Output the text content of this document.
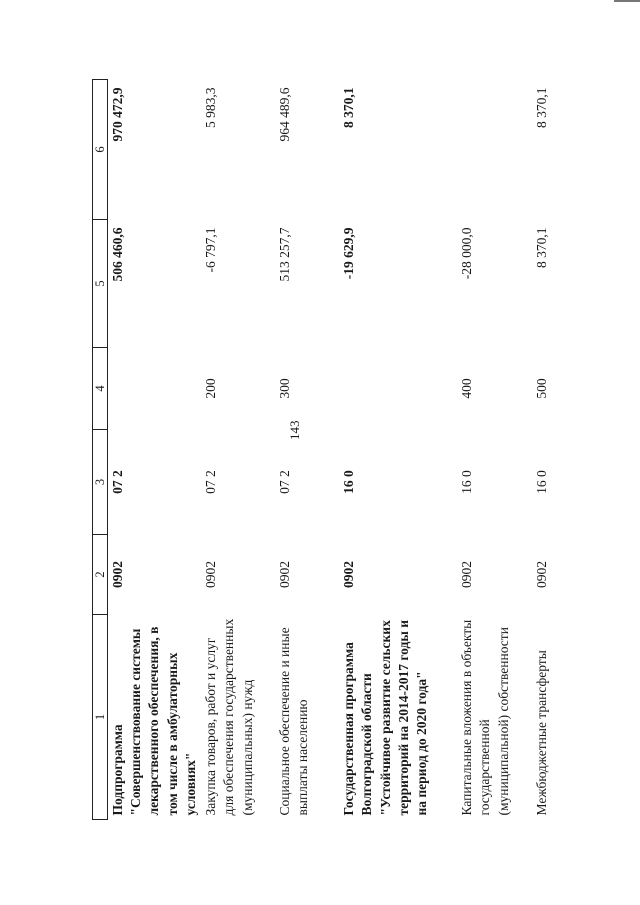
143
1	2	3	4	5	6
Подпрограмма "Совершенствование системы лекарственного обеспечения, в том числе в амбулаторных условиях"	0902	07 2		506 460,6	970 472,9
Закупка товаров, работ и услуг для обеспечения государственных (муниципальных) нужд	0902	07 2	200	-6 797,1	5 983,3
Социальное обеспечение и иные выплаты населению	0902	07 2	300	513 257,7	964 489,6
Государственная программа Волгоградской области "Устойчивое развитие сельских территорий на 2014-2017 годы и на период до 2020 года"	0902	16 0		-19 629,9	8 370,1
Капитальные вложения в объекты государственной (муниципальной) собственности	0902	16 0	400	-28 000,0	
Межбюджетные трансферты	0902	16 0	500	8 370,1	8 370,1
